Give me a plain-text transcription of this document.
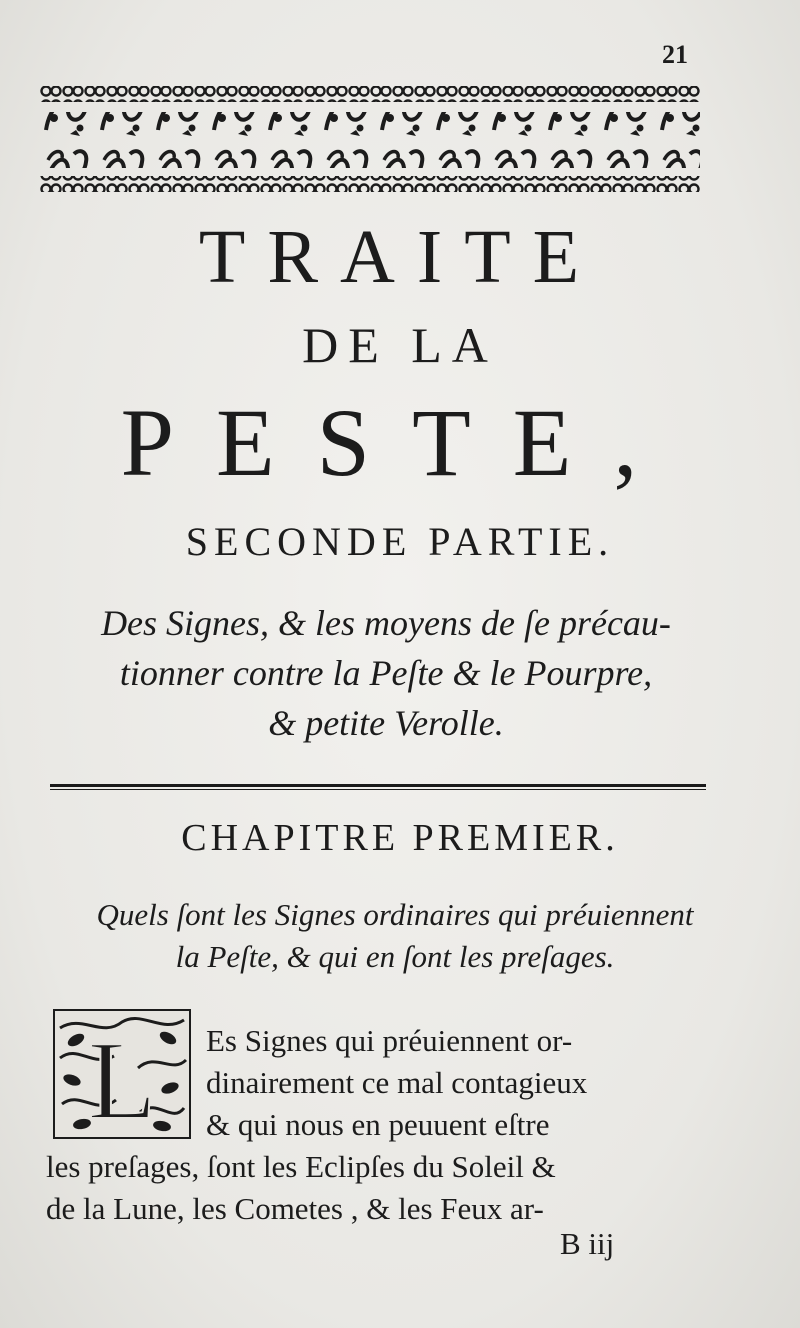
21
TRAITE
DE LA
PESTE,
SECONDE PARTIE.
Des Signes, & les moyens de ſe précau-
tionner contre la Peſte & le Pourpre,
& petite Verolle.
CHAPITRE PREMIER.
Quels ſont les Signes ordinaires qui préuiennent
la Peſte, & qui en ſont les preſages.
L	Es Signes qui préuiennent or-
dinairement ce mal contagieux
& qui nous en peuuent eſtre
les preſages, ſont les Eclipſes du Soleil &
de la Lune, les Cometes , & les Feux ar-
B iij
